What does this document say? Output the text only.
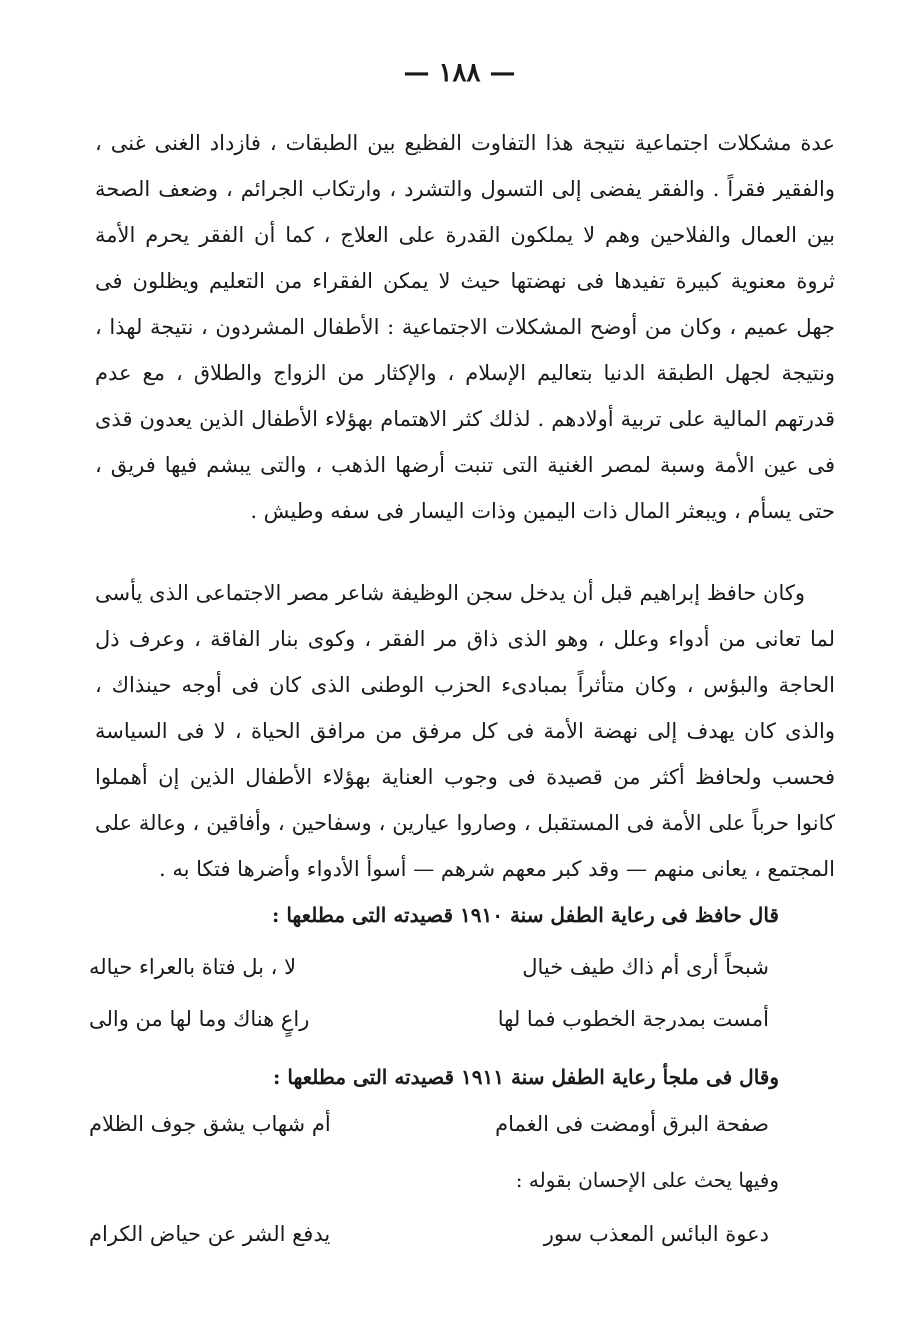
— ١٨٨ —

عدة مشكلات اجتماعية نتيجة هذا التفاوت الفظيع بين الطبقات ، فازداد الغنى غنى ، والفقير فقراً . والفقر يفضى إلى التسول والتشرد ، وارتكاب الجرائم ، وضعف الصحة بين العمال والفلاحين وهم لا يملكون القدرة على العلاج ، كما أن الفقر يحرم الأمة ثروة معنوية كبيرة تفيدها فى نهضتها حيث لا يمكن الفقراء من التعليم ويظلون فى جهل عميم ، وكان من أوضح المشكلات الاجتماعية : الأطفال المشردون ، نتيجة لهذا ، ونتيجة لجهل الطبقة الدنيا بتعاليم الإسلام ، والإكثار من الزواج والطلاق ، مع عدم قدرتهم المالية على تربية أولادهم . لذلك كثر الاهتمام بهؤلاء الأطفال الذين يعدون قذى فى عين الأمة وسبة لمصر الغنية التى تنبت أرضها الذهب ، والتى يبشم فيها فريق ، حتى يسأم ، ويبعثر المال ذات اليمين وذات اليسار فى سفه وطيش .

وكان حافظ إبراهيم قبل أن يدخل سجن الوظيفة شاعر مصر الاجتماعى الذى يأسى لما تعانى من أدواء وعلل ، وهو الذى ذاق مر الفقر ، وكوى بنار الفاقة ، وعرف ذل الحاجة والبؤس ، وكان متأثراً بمبادىء الحزب الوطنى الذى كان فى أوجه حينذاك ، والذى كان يهدف إلى نهضة الأمة فى كل مرفق من مرافق الحياة ، لا فى السياسة فحسب ولحافظ أكثر من قصيدة فى وجوب العناية بهؤلاء الأطفال الذين إن أهملوا كانوا حرباً على الأمة فى المستقبل ، وصاروا عيارين ، وسفاحين ، وأفاقين ، وعالة على المجتمع ، يعانى منهم — وقد كبر معهم شرهم — أسوأ الأدواء وأضرها فتكا به .

قال حافظ فى رعاية الطفل سنة ١٩١٠ قصيدته التى مطلعها :
شبحاً أرى أم ذاك طيف خيال
لا ، بل فتاة بالعراء حياله
أمست بمدرجة الخطوب فما لها
راعٍ هناك وما لها من والى
وقال فى ملجأ رعاية الطفل سنة ١٩١١ قصيدته التى مطلعها :
صفحة البرق أومضت فى الغمام
أم شهاب يشق جوف الظلام
وفيها يحث على الإحسان بقوله :
دعوة البائس المعذب سور
يدفع الشر عن حياض الكرام
